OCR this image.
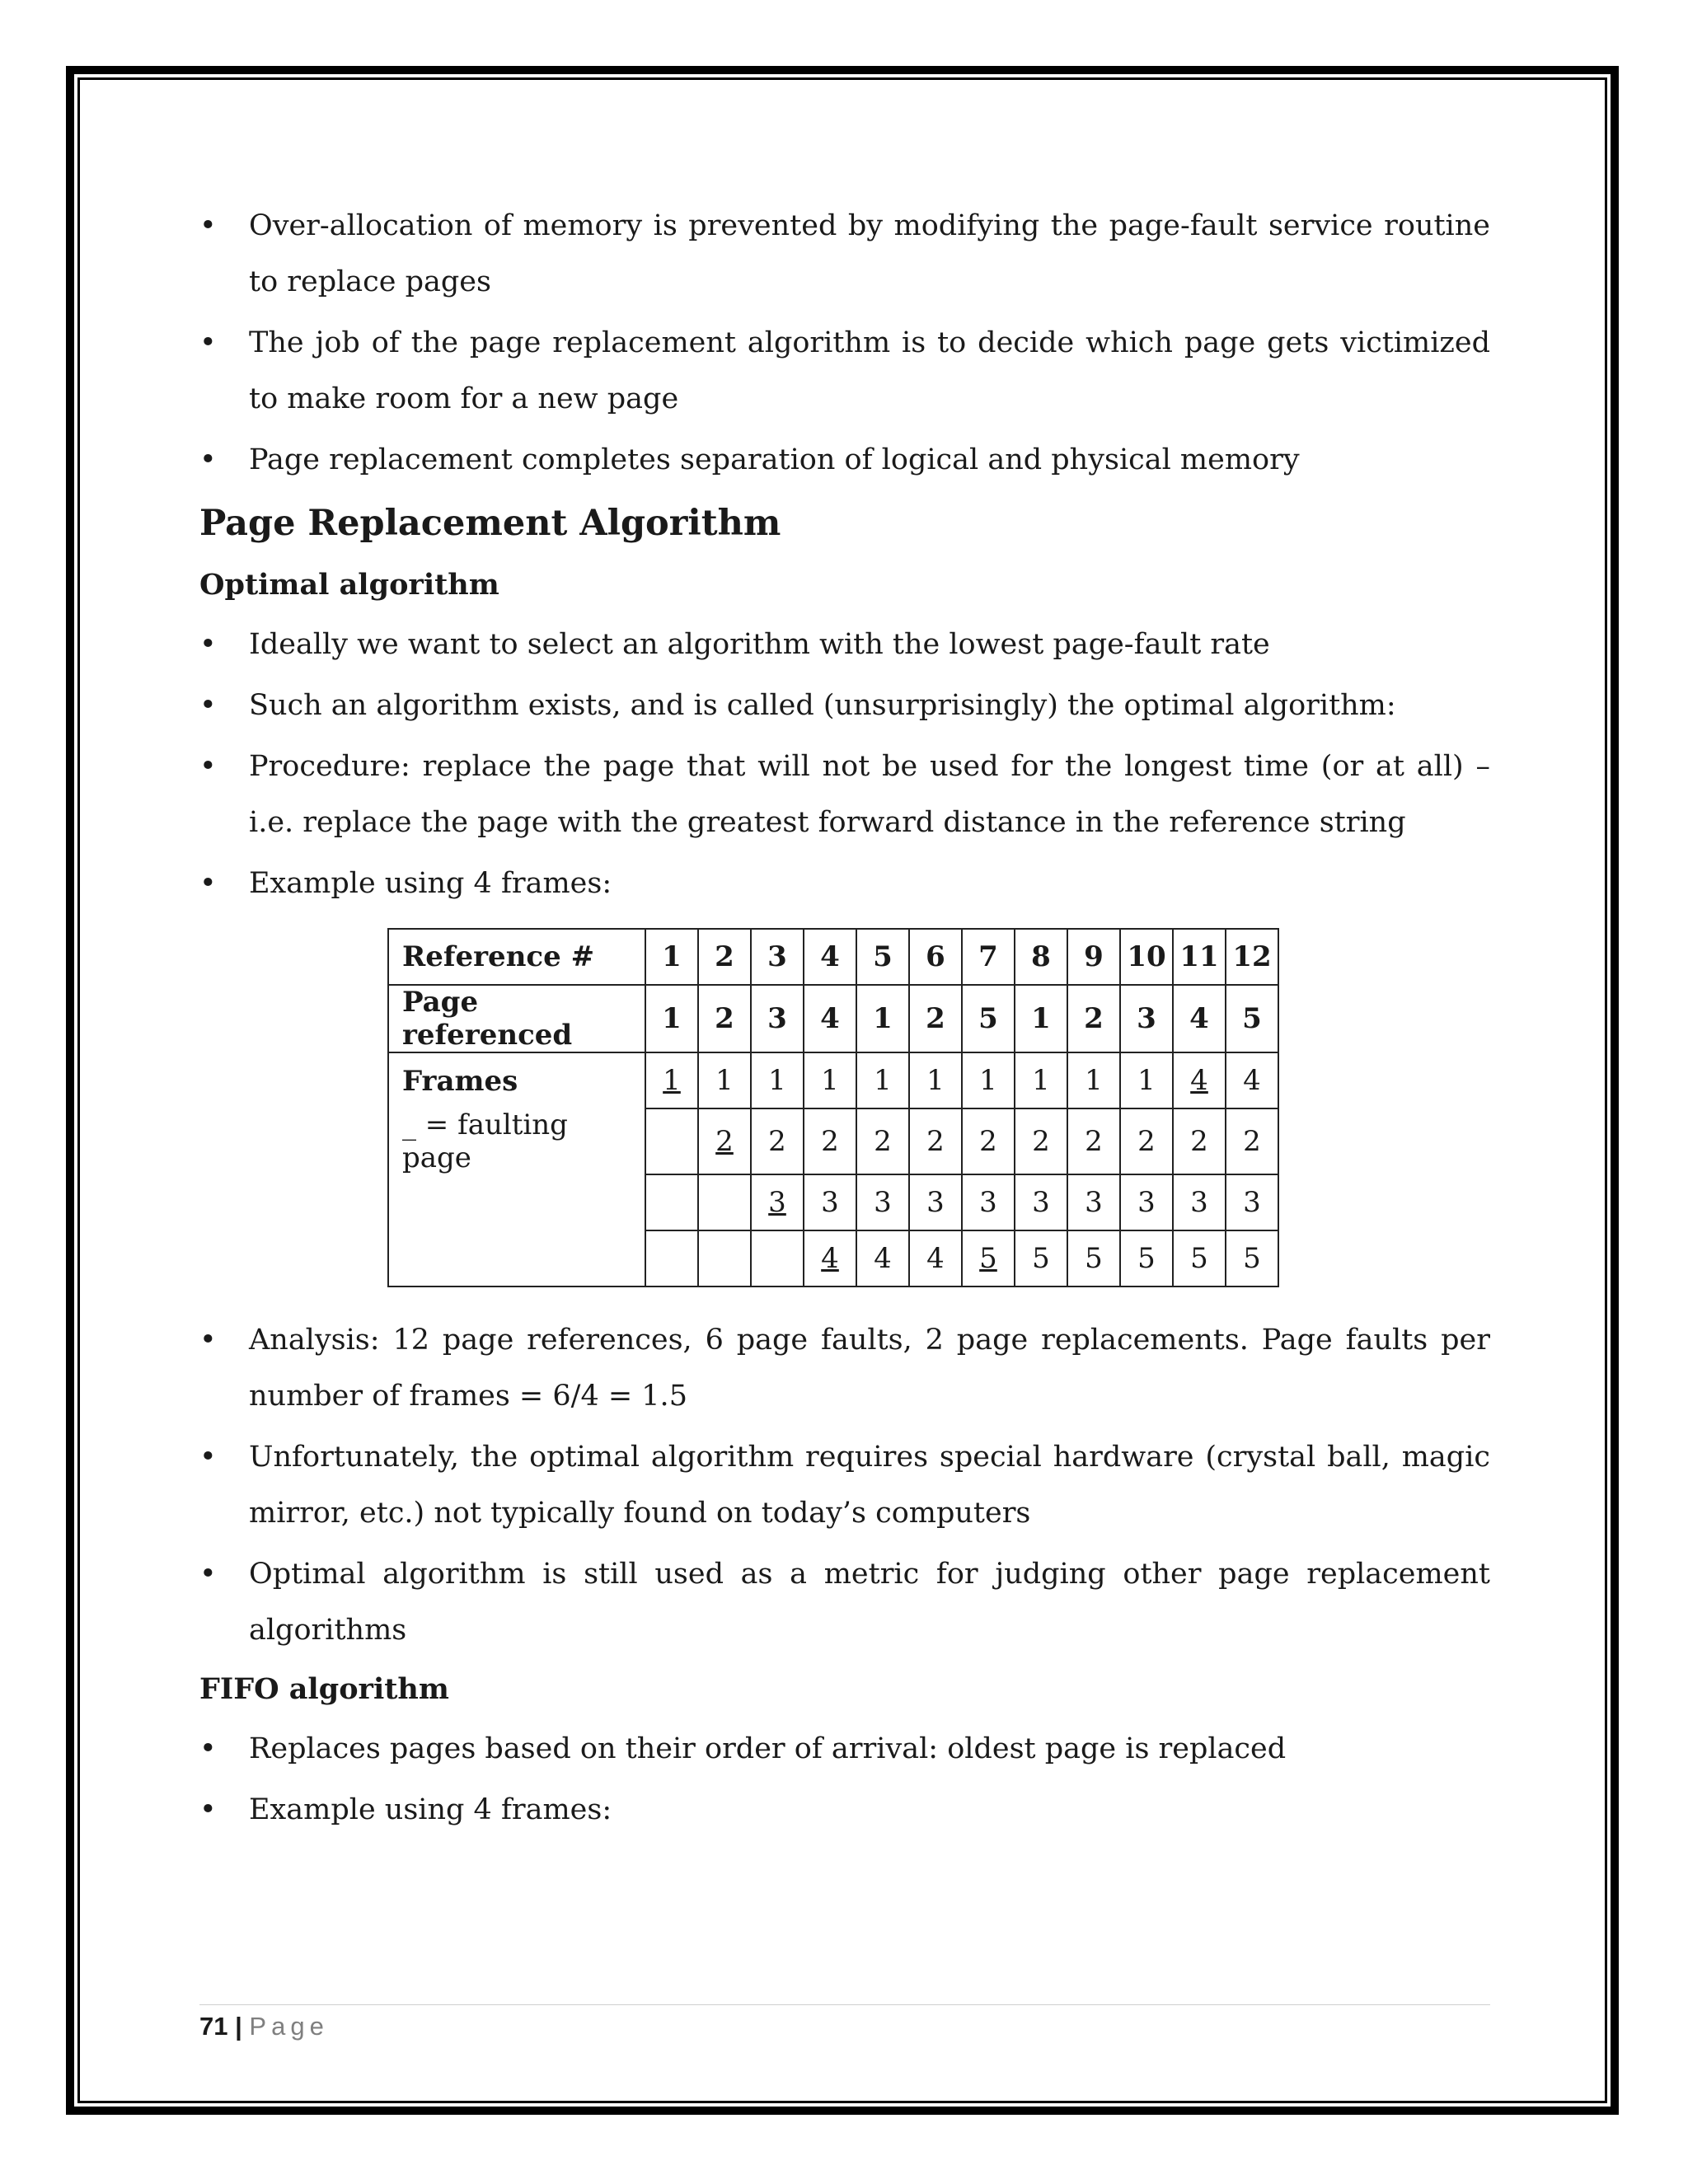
• Over-allocation of memory is prevented by modifying the page-fault service routine to replace pages
• The job of the page replacement algorithm is to decide which page gets victimized to make room for a new page
• Page replacement completes separation of logical and physical memory
Page Replacement Algorithm
Optimal algorithm
• Ideally we want to select an algorithm with the lowest page-fault rate
• Such an algorithm exists, and is called (unsurprisingly) the optimal algorithm:
• Procedure: replace the page that will not be used for the longest time (or at all) – i.e. replace the page with the greatest forward distance in the reference string
• Example using 4 frames:
Reference #	1	2	3	4	5	6	7	8	9	10	11	12
Page referenced	1	2	3	4	1	2	5	1	2	3	4	5
Frames	1	1	1	1	1	1	1	1	1	1	4	4
_ = faulting page		2	2	2	2	2	2	2	2	2	2	2
			3	3	3	3	3	3	3	3	3	3
				4	4	4	5	5	5	5	5	5
• Analysis: 12 page references, 6 page faults, 2 page replacements. Page faults per number of frames = 6/4 = 1.5
• Unfortunately, the optimal algorithm requires special hardware (crystal ball, magic mirror, etc.) not typically found on today’s computers
• Optimal algorithm is still used as a metric for judging other page replacement algorithms
FIFO algorithm
• Replaces pages based on their order of arrival: oldest page is replaced
• Example using 4 frames:
71 | Page
